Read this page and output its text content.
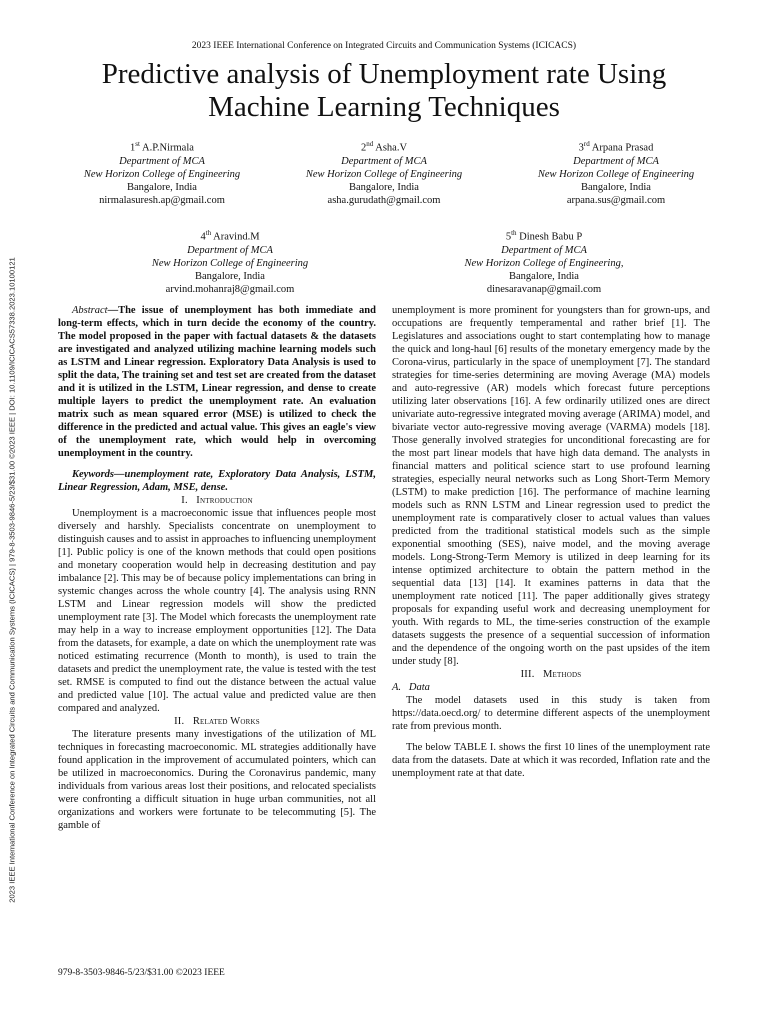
2023 IEEE International Conference on Integrated Circuits and Communication Systems (ICICACS)
Predictive analysis of Unemployment rate Using
Machine Learning Techniques
2023 IEEE International Conference on Integrated Circuits and Communication Systems (ICICACS) | 979-8-3503-9846-5/23/$31.00 ©2023 IEEE | DOI: 10.1109/ICICACS57338.2023.10100121
1st A.P.Nirmala
Department of MCA
New Horizon College of Engineering
Bangalore, India
nirmalasuresh.ap@gmail.com
2nd Asha.V
Department of MCA
New Horizon College of Engineering
Bangalore, India
asha.gurudath@gmail.com
3rd Arpana Prasad
Department of MCA
New Horizon College of Engineering
Bangalore, India
arpana.sus@gmail.com
4th Aravind.M
Department of MCA
New Horizon College of Engineering
Bangalore, India
arvind.mohanraj8@gmail.com
5th Dinesh Babu P
Department of MCA
New Horizon College of Engineering,
Bangalore, India
dinesaravanap@gmail.com

Abstract—The issue of unemployment has both immediate and long-term effects, which in turn decide the economy of the country. The model proposed in the paper with factual datasets & the datasets are investigated and analyzed utilizing machine learning models such as LSTM and Linear regression. Exploratory Data Analysis is used to split the data, The training set and test set are created from the dataset and it is utilized in the LSTM, Linear regression, and dense to create multiple layers to predict the unemployment rate. An evaluation matrix such as mean squared error (MSE) is utilized to check the difference in the predicted and actual value. This gives an eagle's view of the unemployment rate, which would help in overcoming unemployment in the country.

Keywords—unemployment rate, Exploratory Data Analysis, LSTM, Linear Regression, Adam, MSE, dense.

I. Introduction

Unemployment is a macroeconomic issue that influences people most diversely and harshly. Specialists concentrate on unemployment to distinguish causes and to assist in approaches to influencing unemployment [1]. Public policy is one of the known methods that could open positions and monetary cooperation would help in decreasing destitution and pay imbalance [2]. This may be of because policy implementations can bring in systemic changes across the whole country [4]. The analysis using RNN LSTM and Linear regression models will show the predicted unemployment rate [3]. The Model which forecasts the unemployment rate may help in a way to increase employment opportunities [12]. The Data from the datasets, for example, a date on which the unemployment rate was noticed estimating recurrence (Month to month), is used to train the datasets and predict the unemployment rate, the value is tested with the test set. RMSE is computed to find out the distance between the actual value and predicted value [10]. The actual value and predicted value are then compared and analyzed.

II. Related Works

The literature presents many investigations of the utilization of ML techniques in forecasting macroeconomic. ML strategies additionally have found application in the improvement of accumulated pointers, which can be utilized in macroeconomics. During the Coronavirus pandemic, many individuals from various areas lost their positions, and relocated specialists were confronting a difficult situation in huge urban communities, not all organizations and workers were fortunate to be telecommuting [5]. The gamble of

unemployment is more prominent for youngsters than for grown-ups, and occupations are frequently temperamental and rather brief [1]. The Legislatures and associations ought to start contemplating how to manage the quick and long-haul [6] results of the monetary emergency made by the Corona-virus, particularly in the space of unemployment [7]. The standard strategies for time-series determining are moving Average (MA) models and auto-regressive (AR) models which forecast future perceptions utilizing later observations [16]. A few ordinarily utilized ones are direct univariate auto-regressive integrated moving average (ARIMA) model, and bivariate vector auto-regressive moving average (VARMA) models [18]. Those generally involved strategies for unconditional forecasting are for the most part linear models that have high data demand. The analysts in financial matters and political science start to use profound learning strategies, especially neural networks such as Long Short-Term Memory (LSTM) to make prediction [16]. The performance of machine learning models such as RNN LSTM and Linear regression used to predict the unemployment rate is comparatively closer to actual values than values predicted from the traditional statistical models such as the simple exponential smoothing (SES), naive model, and the moving average models. Long-Strong-Term Memory is utilized in deep learning for its intense optimized architecture to obtain the pattern method in the sequential data [13] [14]. It examines patterns in data that the unemployment rate noticed [11]. The paper additionally gives strategy proposals for expanding useful work and decreasing unemployment for youth. With regards to ML, the time-series construction of the example datasets suggests the presence of a sequential succession of information and the dependence of the ongoing worth on the past upsides of the item under study [8].

III. Methods

A. Data

The model datasets used in this study is taken from https://data.oecd.org/ to determine different aspects of the unemployment rate from previous month.

The below TABLE I. shows the first 10 lines of the unemployment rate data from the datasets. Date at which it was recorded, Inflation rate and the unemployment rate at that date.

979-8-3503-9846-5/23/$31.00 ©2023 IEEE
